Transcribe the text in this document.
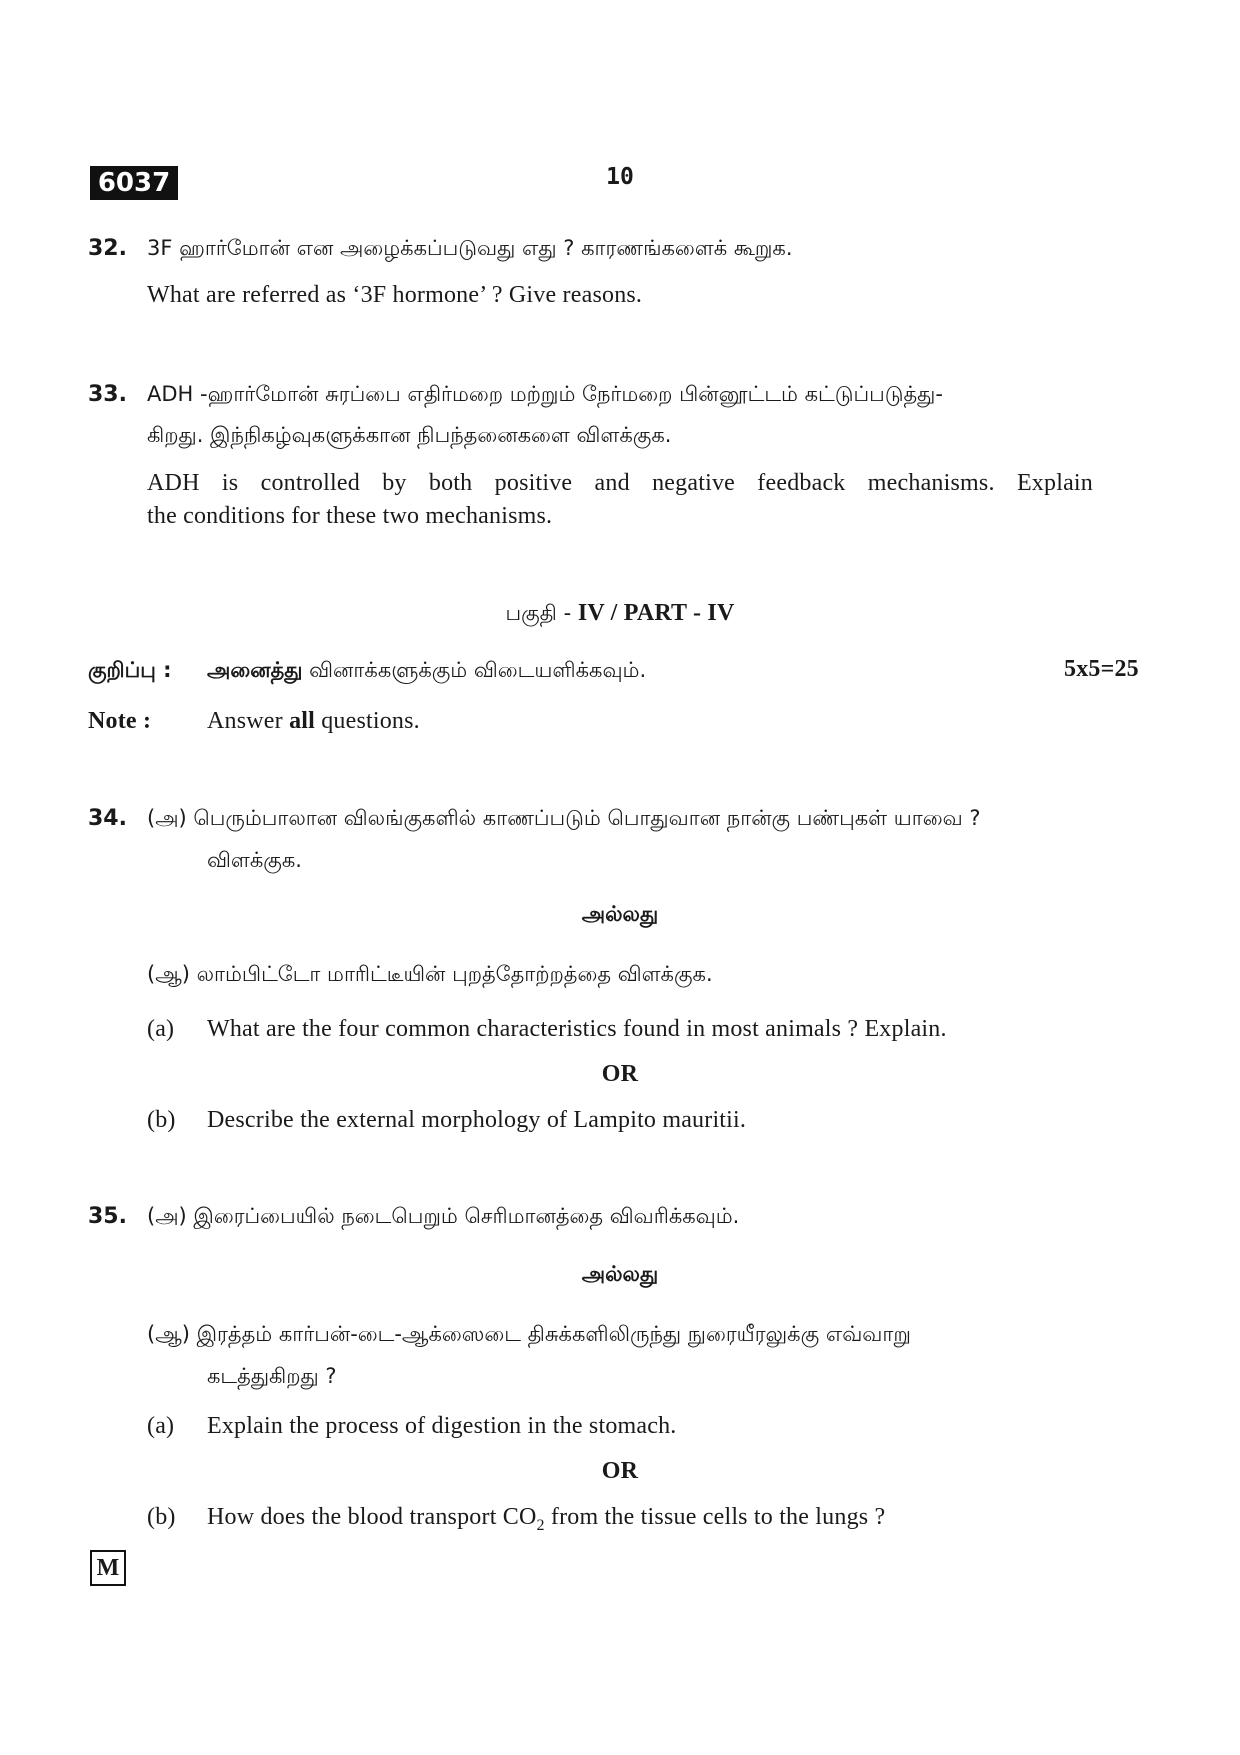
6037	10
32. 3F ஹார்மோன் என அழைக்கப்படுவது எது ? காரணங்களைக் கூறுக.
What are referred as ‘3F hormone’ ? Give reasons.
33. ADH -ஹார்மோன் சுரப்பை எதிர்மறை மற்றும் நேர்மறை பின்னூட்டம் கட்டுப்படுத்து-
கிறது. இந்நிகழ்வுகளுக்கான நிபந்தனைகளை விளக்குக.
ADH is controlled by both positive and negative feedback mechanisms. Explain
the conditions for these two mechanisms.
பகுதி - IV / PART - IV
குறிப்பு : அனைத்து வினாக்களுக்கும் விடையளிக்கவும்.	5x5=25
Note : Answer all questions.
34. (அ) பெரும்பாலான விலங்குகளில் காணப்படும் பொதுவான நான்கு பண்புகள் யாவை ?
விளக்குக.
அல்லது
(ஆ) லாம்பிட்டோ மாரிட்டீயின் புறத்தோற்றத்தை விளக்குக.
(a) What are the four common characteristics found in most animals ? Explain.
OR
(b) Describe the external morphology of Lampito mauritii.
35. (அ) இரைப்பையில் நடைபெறும் செரிமானத்தை விவரிக்கவும்.
அல்லது
(ஆ) இரத்தம் கார்பன்-டை-ஆக்ஸைடை திசுக்களிலிருந்து நுரையீரலுக்கு எவ்வாறு
கடத்துகிறது ?
(a) Explain the process of digestion in the stomach.
OR
(b) How does the blood transport $CO_2$ from the tissue cells to the lungs ?
M
